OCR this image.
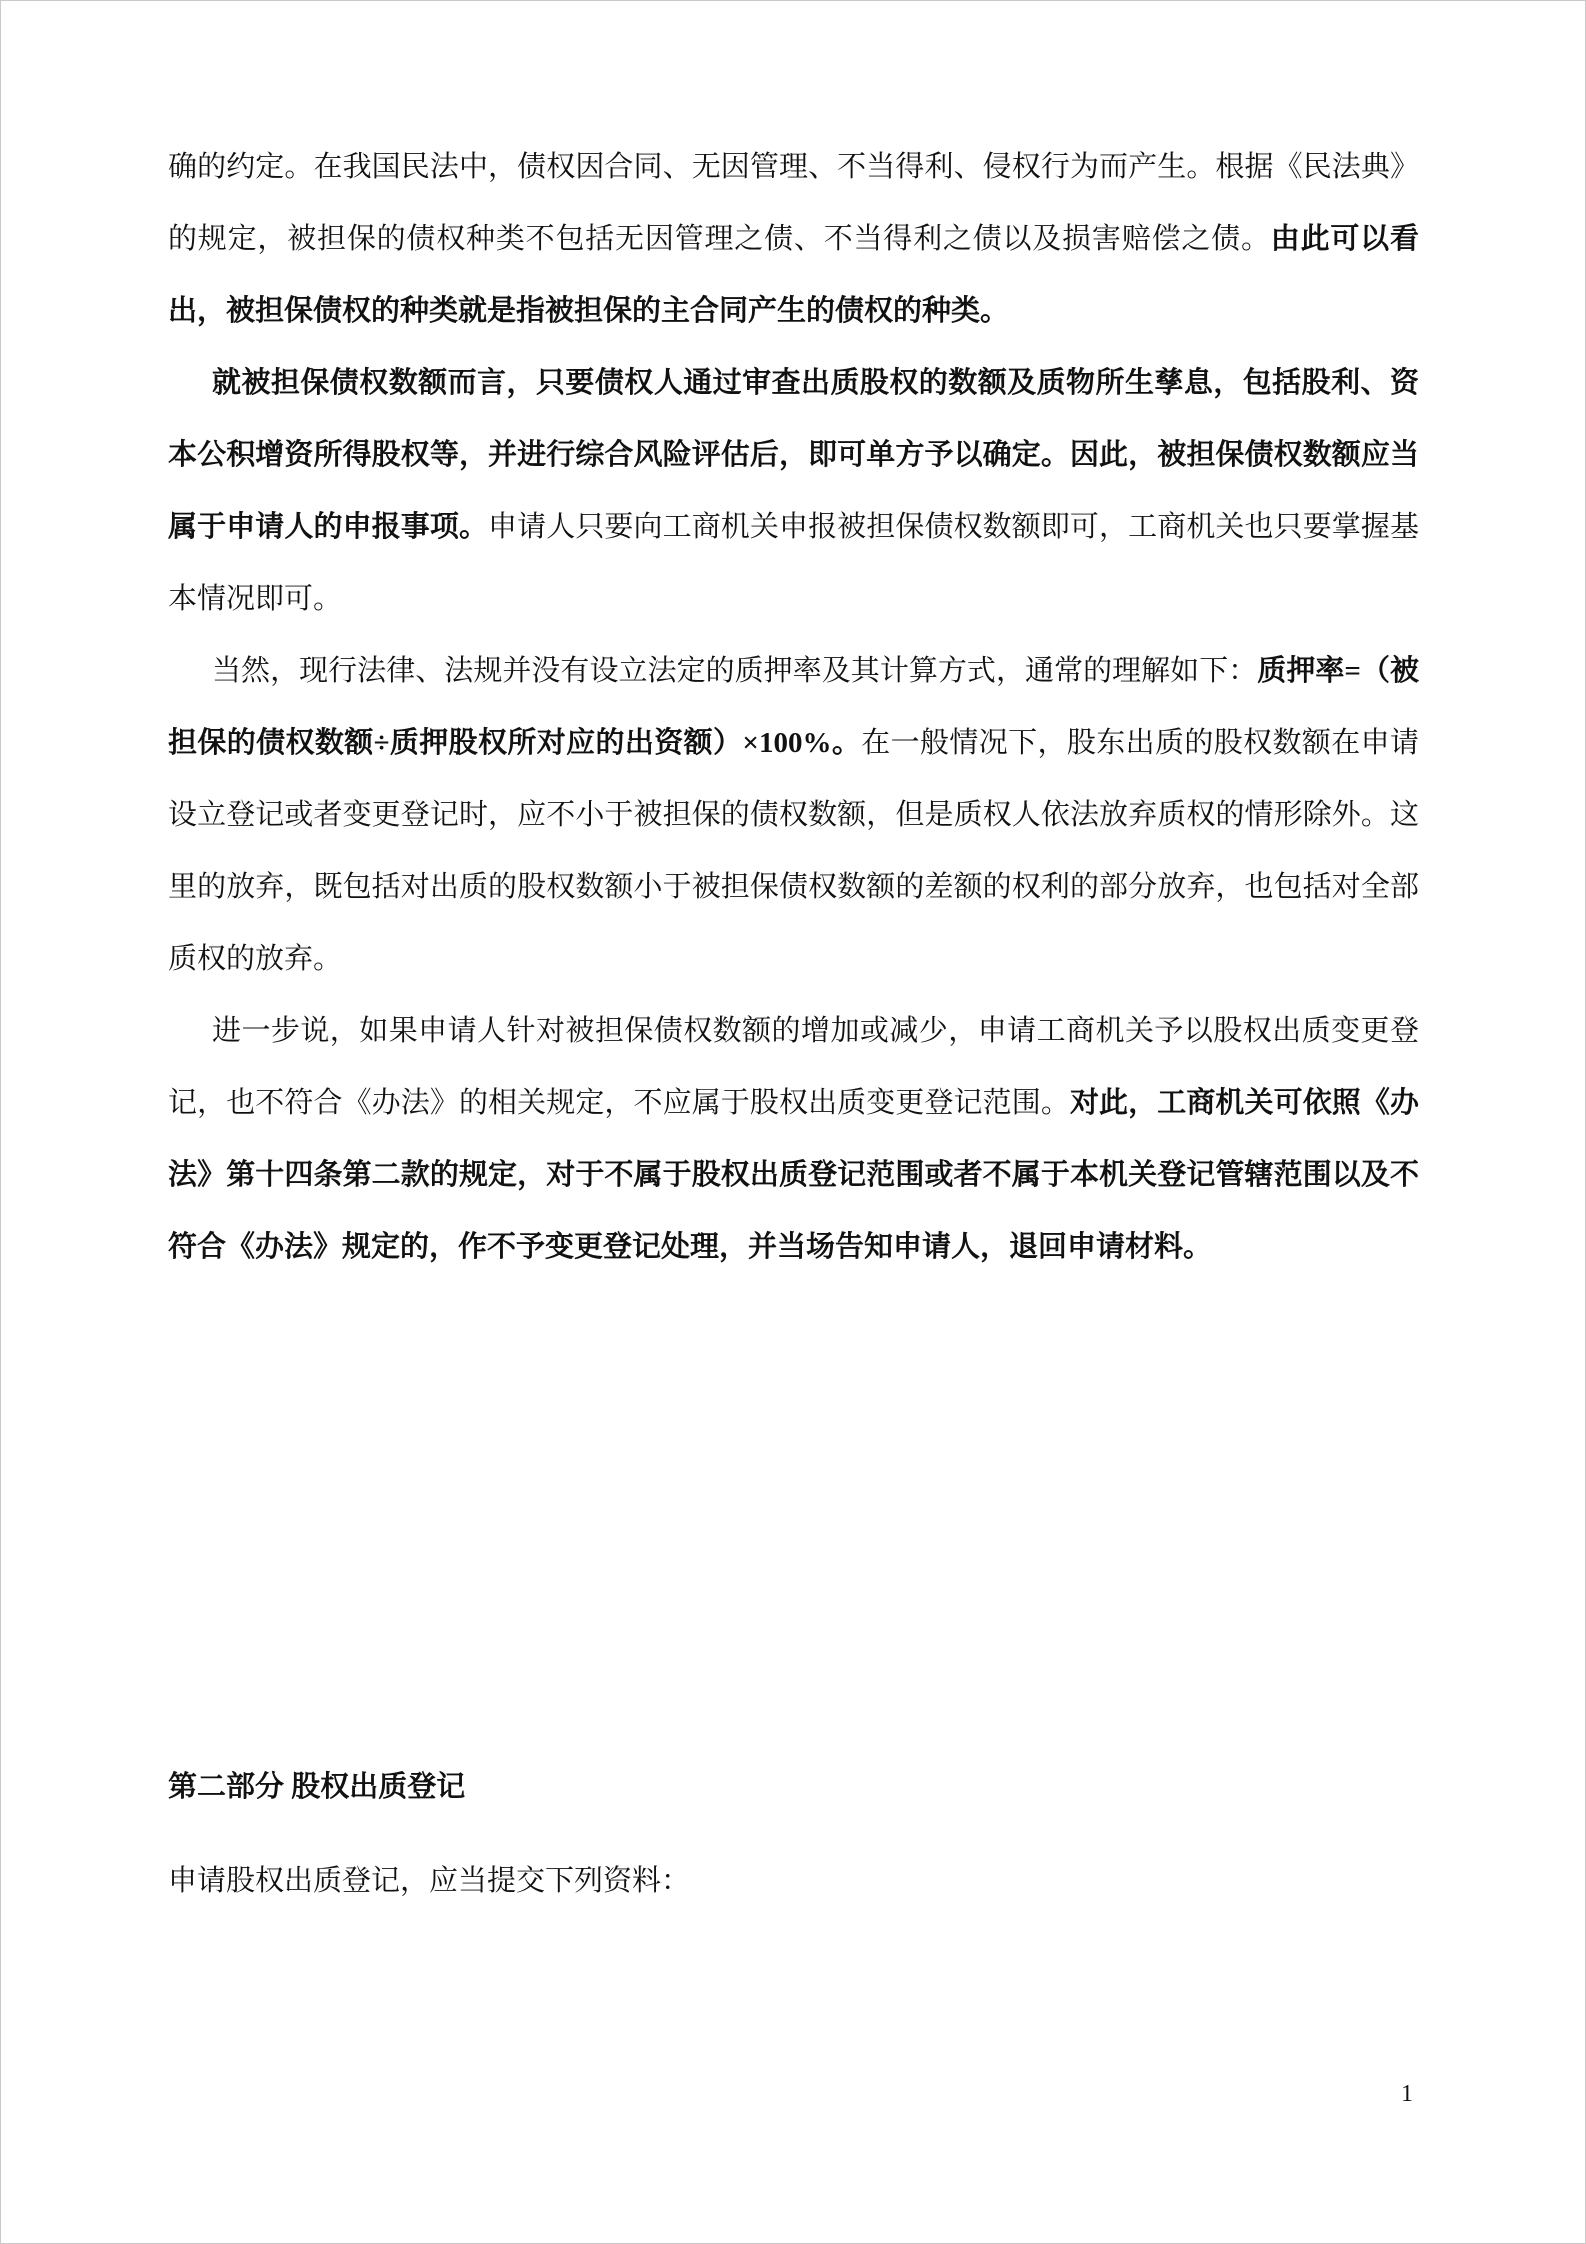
确的约定。在我国民法中，债权因合同、无因管理、不当得利、侵权行为而产生。根据《民法典》的规定，被担保的债权种类不包括无因管理之债、不当得利之债以及损害赔偿之债。由此可以看出，被担保债权的种类就是指被担保的主合同产生的债权的种类。

就被担保债权数额而言，只要债权人通过审查出质股权的数额及质物所生孳息，包括股利、资本公积增资所得股权等，并进行综合风险评估后，即可单方予以确定。因此，被担保债权数额应当属于申请人的申报事项。申请人只要向工商机关申报被担保债权数额即可，工商机关也只要掌握基本情况即可。

当然，现行法律、法规并没有设立法定的质押率及其计算方式，通常的理解如下：质押率=（被担保的债权数额÷质押股权所对应的出资额）×100%。在一般情况下，股东出质的股权数额在申请设立登记或者变更登记时，应不小于被担保的债权数额，但是质权人依法放弃质权的情形除外。这里的放弃，既包括对出质的股权数额小于被担保债权数额的差额的权利的部分放弃，也包括对全部质权的放弃。

进一步说，如果申请人针对被担保债权数额的增加或减少，申请工商机关予以股权出质变更登记，也不符合《办法》的相关规定，不应属于股权出质变更登记范围。对此，工商机关可依照《办法》第十四条第二款的规定，对于不属于股权出质登记范围或者不属于本机关登记管辖范围以及不符合《办法》规定的，作不予变更登记处理，并当场告知申请人，退回申请材料。

第二部分 股权出质登记

申请股权出质登记，应当提交下列资料：

1
